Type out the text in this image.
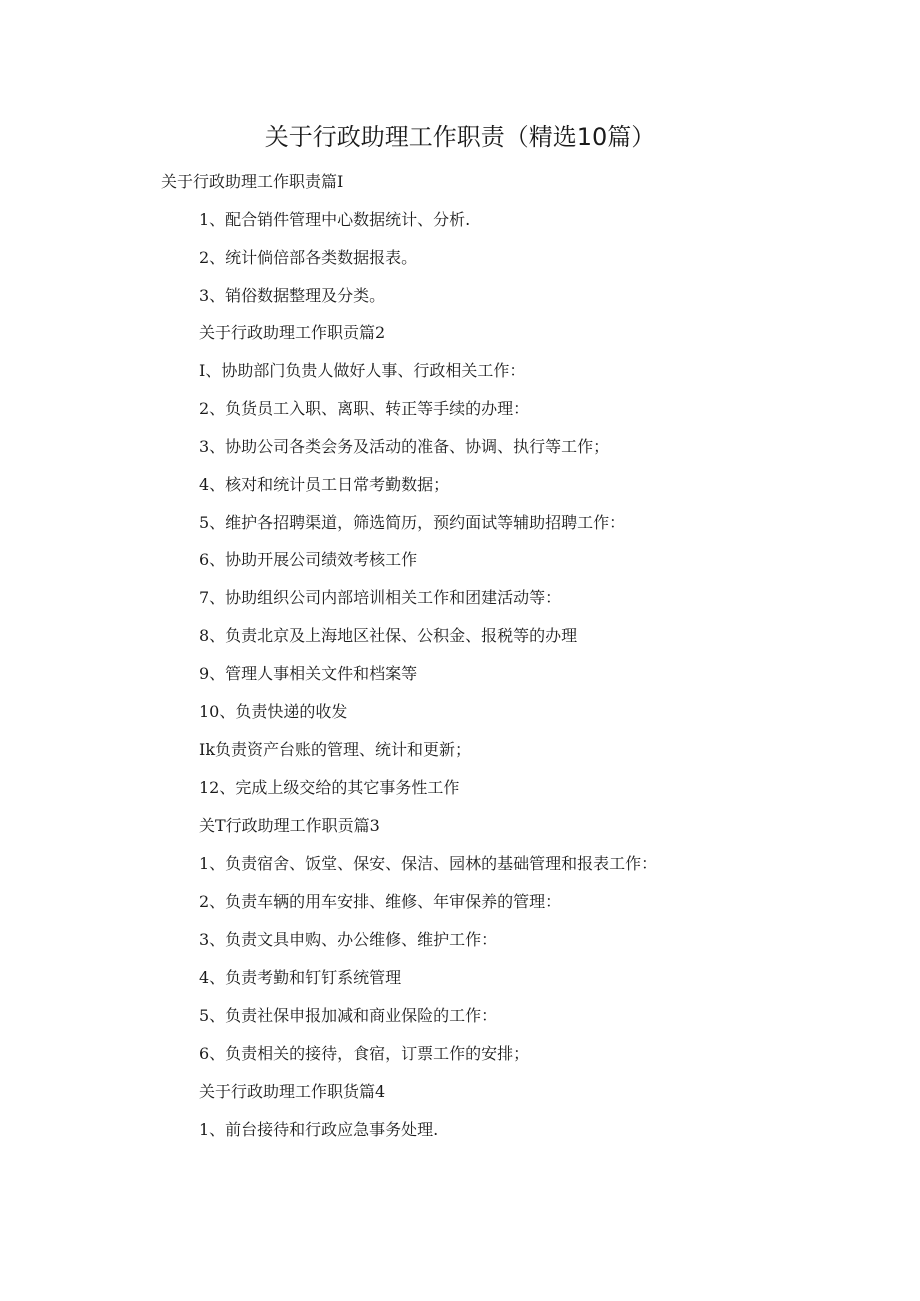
关于行政助理工作职责（精选10篇）
关于行政助理工作职责篇I
1、配合销件管理中心数据统计、分析.
2、统计倘倍部各类数据报表。
3、销俗数据整理及分类。
关于行政助理工作职贡篇2
I、协助部门负贵人做好人事、行政相关工作：
2、负货员工入职、离职、转正等手续的办理：
3、协助公司各类会务及活动的准备、协调、执行等工作；
4、核对和统计员工日常考勤数据；
5、维护各招聘渠道，筛选简历，预约面试等辅助招聘工作：
6、协助开展公司绩效考核工作
7、协助组织公司内部培训相关工作和团建活动等：
8、负责北京及上海地区社保、公积金、报税等的办理
9、管理人事相关文件和档案等
10、负责快递的收发
Ik负责资产台账的管理、统计和更新；
12、完成上级交给的其它事务性工作
关T行政助理工作职贡篇3
1、负责宿舍、饭堂、保安、保洁、园林的基础管理和报表工作：
2、负责车辆的用车安排、维修、年审保养的管理：
3、负责文具申购、办公维修、维护工作：
4、负责考勤和钉钉系统管理
5、负责社保申报加减和商业保险的工作：
6、负责相关的接待，食宿，订票工作的安排；
关于行政助理工作职货篇4
1、前台接待和行政应急事务处理.
